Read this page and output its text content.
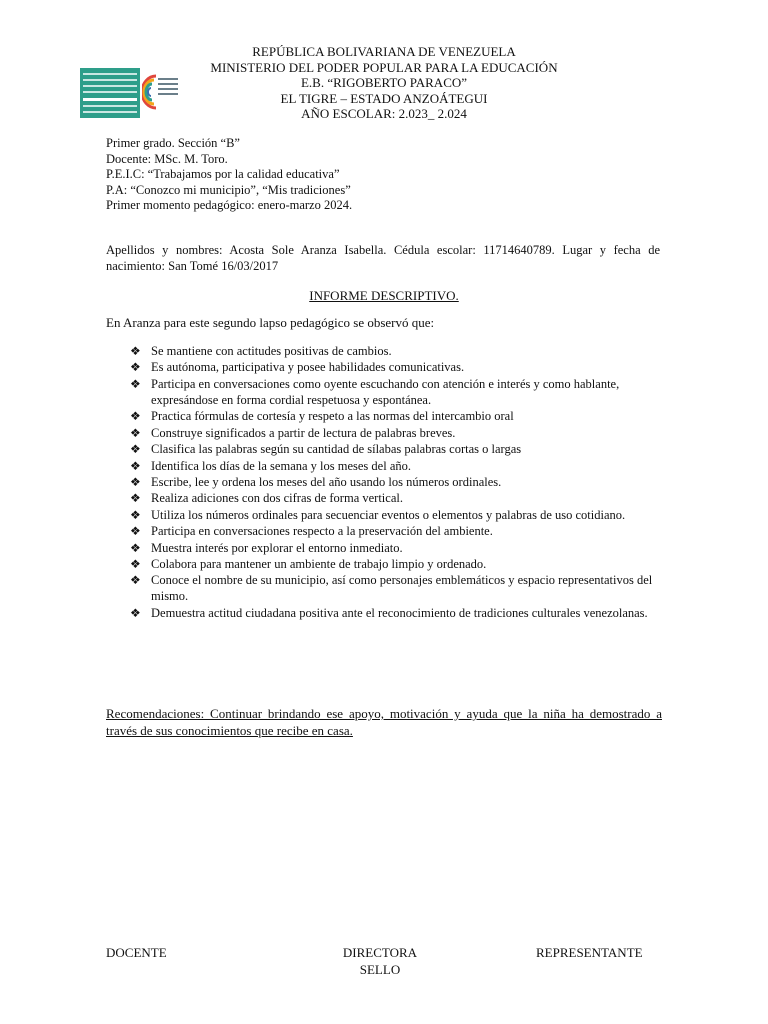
REPÚBLICA BOLIVARIANA DE VENEZUELA
MINISTERIO DEL PODER POPULAR PARA LA EDUCACIÓN
E.B. “RIGOBERTO PARACO”
EL TIGRE – ESTADO ANZOÁTEGUI
AÑO ESCOLAR: 2.023_ 2.024
Primer grado. Sección “B”
Docente: MSc. M. Toro.
P.E.I.C: “Trabajamos por la calidad educativa”
P.A: “Conozco mi municipio”, “Mis tradiciones”
Primer momento pedagógico: enero-marzo 2024.
Apellidos y nombres: Acosta Sole Aranza Isabella. Cédula escolar: 11714640789. Lugar y fecha de
nacimiento: San Tomé 16/03/2017
INFORME DESCRIPTIVO.
En Aranza para este segundo lapso pedagógico se observó que:
❖ Se mantiene con actitudes positivas de cambios.
❖ Es autónoma, participativa y posee habilidades comunicativas.
❖ Participa en conversaciones como oyente escuchando con atención e interés y como hablante, expresándose en forma cordial respetuosa y espontánea.
❖ Practica fórmulas de cortesía y respeto a las normas del intercambio oral
❖ Construye significados a partir de lectura de palabras breves.
❖ Clasifica las palabras según su cantidad de sílabas palabras cortas o largas
❖ Identifica los días de la semana y los meses del año.
❖ Escribe, lee y ordena los meses del año usando los números ordinales.
❖ Realiza adiciones con dos cifras de forma vertical.
❖ Utiliza los números ordinales para secuenciar eventos o elementos y palabras de uso cotidiano.
❖ Participa en conversaciones respecto a la preservación del ambiente.
❖ Muestra interés por explorar el entorno inmediato.
❖ Colabora para mantener un ambiente de trabajo limpio y ordenado.
❖ Conoce el nombre de su municipio, así como personajes emblemáticos y espacio representativos del mismo.
❖ Demuestra actitud ciudadana positiva ante el reconocimiento de tradiciones culturales venezolanas.
Recomendaciones: Continuar brindando ese apoyo, motivación y ayuda que la niña ha demostrado a través de sus conocimientos que recibe en casa.
DOCENTE	DIRECTORA
SELLO
REPRESENTANTE
